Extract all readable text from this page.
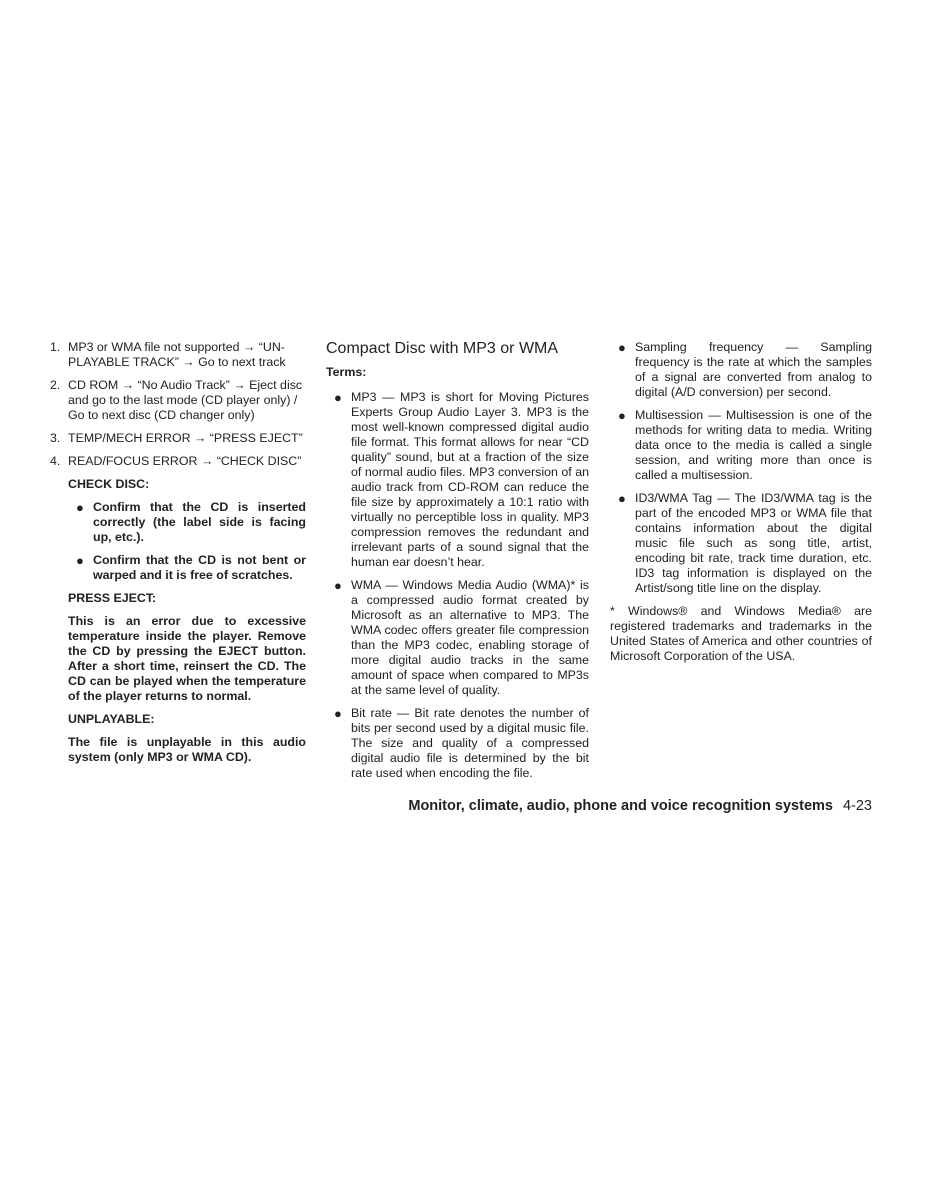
1. MP3 or WMA file not supported → “UN-PLAYABLE TRACK” → Go to next track
2. CD ROM → “No Audio Track” → Eject disc and go to the last mode (CD player only) / Go to next disc (CD changer only)
3. TEMP/MECH ERROR → “PRESS EJECT”
4. READ/FOCUS ERROR → “CHECK DISC”

CHECK DISC:

● Confirm that the CD is inserted correctly (the label side is facing up, etc.).
● Confirm that the CD is not bent or warped and it is free of scratches.

PRESS EJECT:

This is an error due to excessive temperature inside the player. Remove the CD by pressing the EJECT button. After a short time, reinsert the CD. The CD can be played when the temperature of the player returns to normal.

UNPLAYABLE:

The file is unplayable in this audio system (only MP3 or WMA CD).

Compact Disc with MP3 or WMA

Terms:

● MP3 — MP3 is short for Moving Pictures Experts Group Audio Layer 3. MP3 is the most well-known compressed digital audio file format. This format allows for near “CD quality” sound, but at a fraction of the size of normal audio files. MP3 conversion of an audio track from CD-ROM can reduce the file size by approximately a 10:1 ratio with virtually no perceptible loss in quality. MP3 compression removes the redundant and irrelevant parts of a sound signal that the human ear doesn’t hear.
● WMA — Windows Media Audio (WMA)* is a compressed audio format created by Microsoft as an alternative to MP3. The WMA codec offers greater file compression than the MP3 codec, enabling storage of more digital audio tracks in the same amount of space when compared to MP3s at the same level of quality.
● Bit rate — Bit rate denotes the number of bits per second used by a digital music file. The size and quality of a compressed digital audio file is determined by the bit rate used when encoding the file.
● Sampling frequency — Sampling frequency is the rate at which the samples of a signal are converted from analog to digital (A/D conversion) per second.
● Multisession — Multisession is one of the methods for writing data to media. Writing data once to the media is called a single session, and writing more than once is called a multisession.
● ID3/WMA Tag — The ID3/WMA tag is the part of the encoded MP3 or WMA file that contains information about the digital music file such as song title, artist, encoding bit rate, track time duration, etc. ID3 tag information is displayed on the Artist/song title line on the display.

* Windows® and Windows Media® are registered trademarks and trademarks in the United States of America and other countries of Microsoft Corporation of the USA.

Monitor, climate, audio, phone and voice recognition systems 4-23
